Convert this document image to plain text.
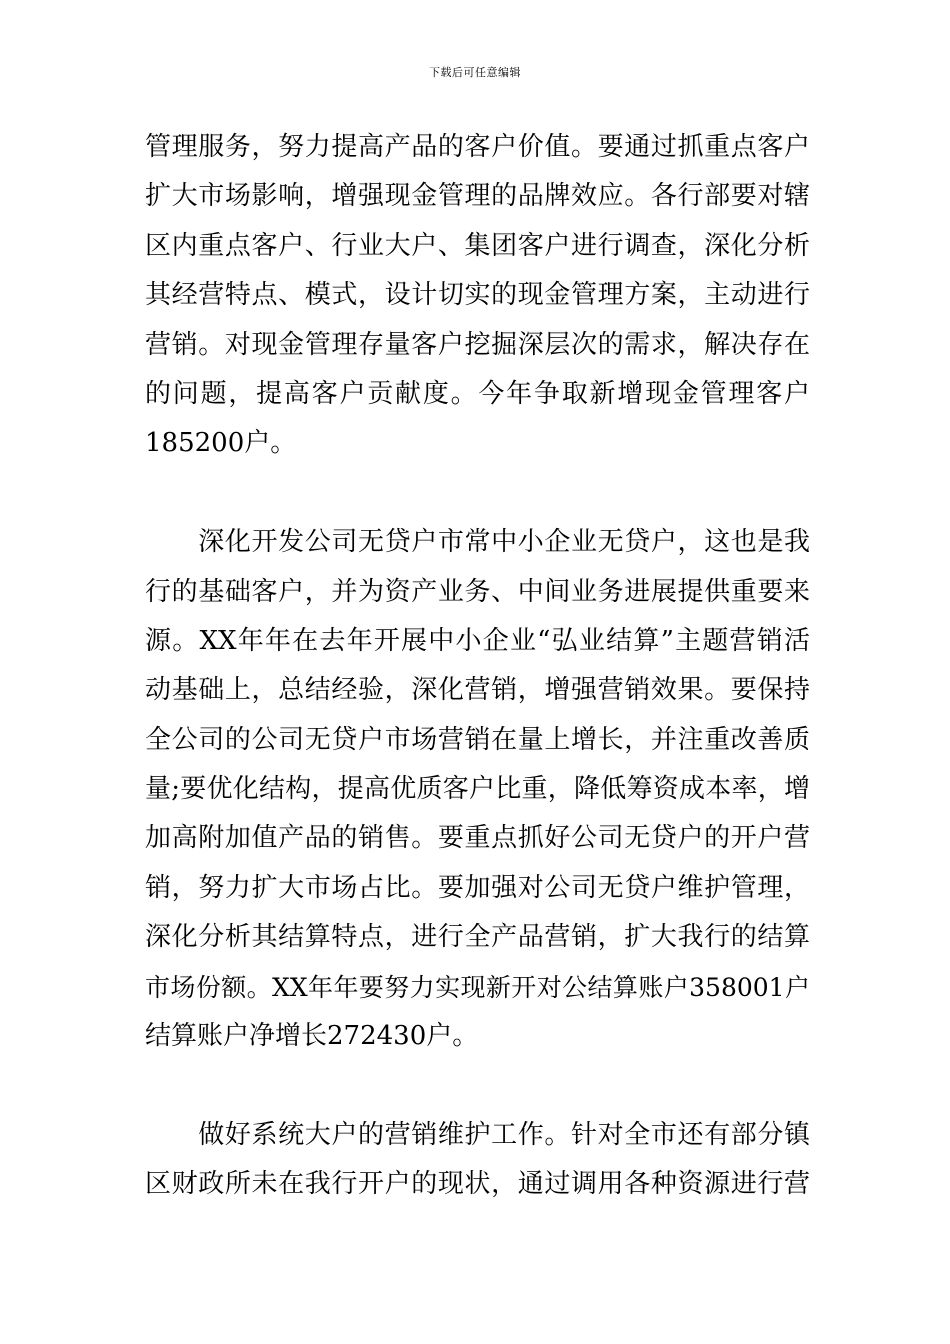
下载后可任意编辑
管理服务，努力提高产品的客户价值。要通过抓重点客户
扩大市场影响，增强现金管理的品牌效应。各行部要对辖
区内重点客户、行业大户、集团客户进行调查，深化分析
其经营特点、模式，设计切实的现金管理方案，主动进行
营销。对现金管理存量客户挖掘深层次的需求，解决存在
的问题，提高客户贡献度。今年争取新增现金管理客户
185200户。
　　深化开发公司无贷户市常中小企业无贷户，这也是我
行的基础客户，并为资产业务、中间业务进展提供重要来
源。XX年年在去年开展中小企业“弘业结算”主题营销活
动基础上，总结经验，深化营销，增强营销效果。要保持
全公司的公司无贷户市场营销在量上增长，并注重改善质
量;要优化结构，提高优质客户比重，降低筹资成本率，增
加高附加值产品的销售。要重点抓好公司无贷户的开户营
销，努力扩大市场占比。要加强对公司无贷户维护管理，
深化分析其结算特点，进行全产品营销，扩大我行的结算
市场份额。XX年年要努力实现新开对公结算账户358001户
结算账户净增长272430户。
　　做好系统大户的营销维护工作。针对全市还有部分镇
区财政所未在我行开户的现状，通过调用各种资源进行营
